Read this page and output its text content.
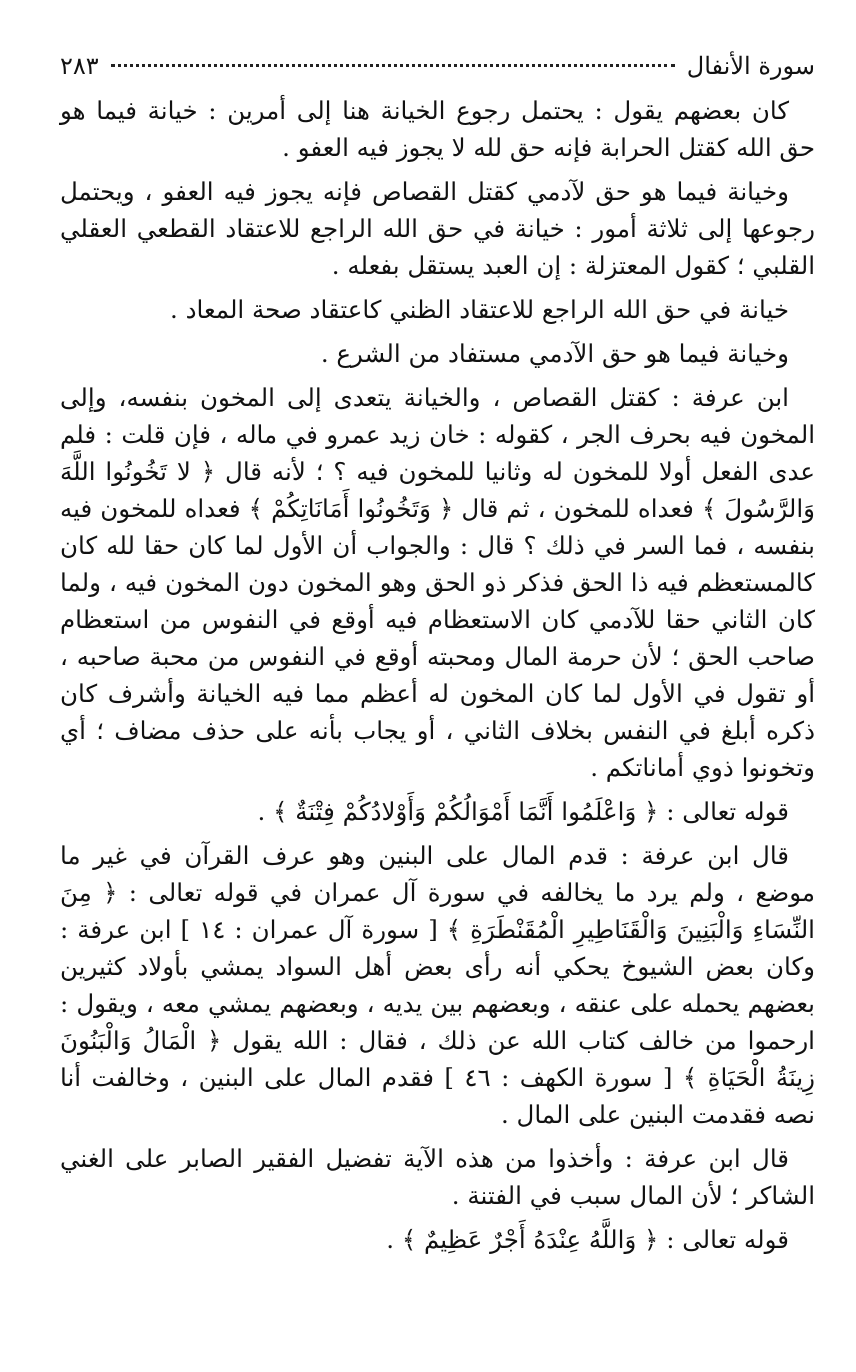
سورة الأنفال
٢٨٣

كان بعضهم يقول : يحتمل رجوع الخيانة هنا إلى أمرين : خيانة فيما هو حق الله كقتل الحرابة فإنه حق لله لا يجوز فيه العفو .

وخيانة فيما هو حق لآدمي كقتل القصاص فإنه يجوز فيه العفو ، ويحتمل رجوعها إلى ثلاثة أمور : خيانة في حق الله الراجع للاعتقاد القطعي العقلي القلبي ؛ كقول المعتزلة : إن العبد يستقل بفعله .

خيانة في حق الله الراجع للاعتقاد الظني كاعتقاد صحة المعاد .

وخيانة فيما هو حق الآدمي مستفاد من الشرع .

ابن عرفة : كقتل القصاص ، والخيانة يتعدى إلى المخون بنفسه، وإلى المخون فيه بحرف الجر ، كقوله : خان زيد عمرو في ماله ، فإن قلت : فلم عدى الفعل أولا للمخون له وثانيا للمخون فيه ؟ ؛ لأنه قال ﴿ لا تَخُونُوا اللَّهَ وَالرَّسُولَ ﴾ فعداه للمخون ، ثم قال ﴿ وَتَخُونُوا أَمَانَاتِكُمْ ﴾ فعداه للمخون فيه بنفسه ، فما السر في ذلك ؟ قال : والجواب أن الأول لما كان حقا لله كان كالمستعظم فيه ذا الحق فذكر ذو الحق وهو المخون دون المخون فيه ، ولما كان الثاني حقا للآدمي كان الاستعظام فيه أوقع في النفوس من استعظام صاحب الحق ؛ لأن حرمة المال ومحبته أوقع في النفوس من محبة صاحبه ، أو تقول في الأول لما كان المخون له أعظم مما فيه الخيانة وأشرف كان ذكره أبلغ في النفس بخلاف الثاني ، أو يجاب بأنه على حذف مضاف ؛ أي وتخونوا ذوي أماناتكم .

قوله تعالى : ﴿ وَاعْلَمُوا أَنَّمَا أَمْوَالُكُمْ وَأَوْلادُكُمْ فِتْنَةٌ ﴾ .

قال ابن عرفة : قدم المال على البنين وهو عرف القرآن في غير ما موضع ، ولم يرد ما يخالفه في سورة آل عمران في قوله تعالى : ﴿ مِنَ النِّسَاءِ وَالْبَنِينَ وَالْقَنَاطِيرِ الْمُقَنْطَرَةِ ﴾ [ سورة آل عمران : ١٤ ] ابن عرفة : وكان بعض الشيوخ يحكي أنه رأى بعض أهل السواد يمشي بأولاد كثيرين بعضهم يحمله على عنقه ، وبعضهم بين يديه ، وبعضهم يمشي معه ، ويقول : ارحموا من خالف كتاب الله عن ذلك ، فقال : الله يقول ﴿ الْمَالُ وَالْبَنُونَ زِينَةُ الْحَيَاةِ ﴾ [ سورة الكهف : ٤٦ ] فقدم المال على البنين ، وخالفت أنا نصه فقدمت البنين على المال .

قال ابن عرفة : وأخذوا من هذه الآية تفضيل الفقير الصابر على الغني الشاكر ؛ لأن المال سبب في الفتنة .

قوله تعالى : ﴿ وَاللَّهُ عِنْدَهُ أَجْرٌ عَظِيمٌ ﴾ .
